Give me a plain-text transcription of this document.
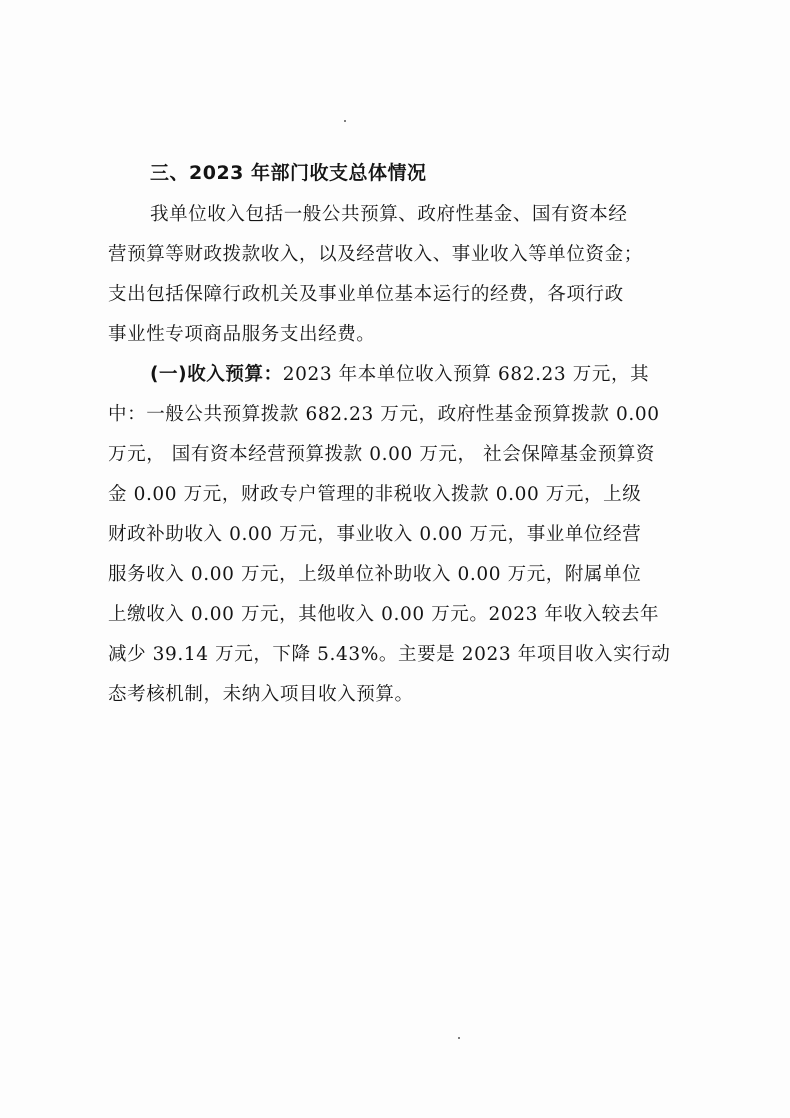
三、2023 年部门收支总体情况
我单位收入包括一般公共预算、政府性基金、国有资本经
营预算等财政拨款收入，以及经营收入、事业收入等单位资金；
支出包括保障行政机关及事业单位基本运行的经费，各项行政
事业性专项商品服务支出经费。
(一)收入预算：2023 年本单位收入预算 682.23 万元，其
中：一般公共预算拨款 682.23 万元，政府性基金预算拨款 0.00
万元， 国有资本经营预算拨款 0.00 万元， 社会保障基金预算资
金 0.00 万元，财政专户管理的非税收入拨款 0.00 万元，上级
财政补助收入 0.00 万元，事业收入 0.00 万元，事业单位经营
服务收入 0.00 万元，上级单位补助收入 0.00 万元，附属单位
上缴收入 0.00 万元，其他收入 0.00 万元。2023 年收入较去年
减少 39.14 万元，下降 5.43%。主要是 2023 年项目收入实行动
态考核机制，未纳入项目收入预算。
